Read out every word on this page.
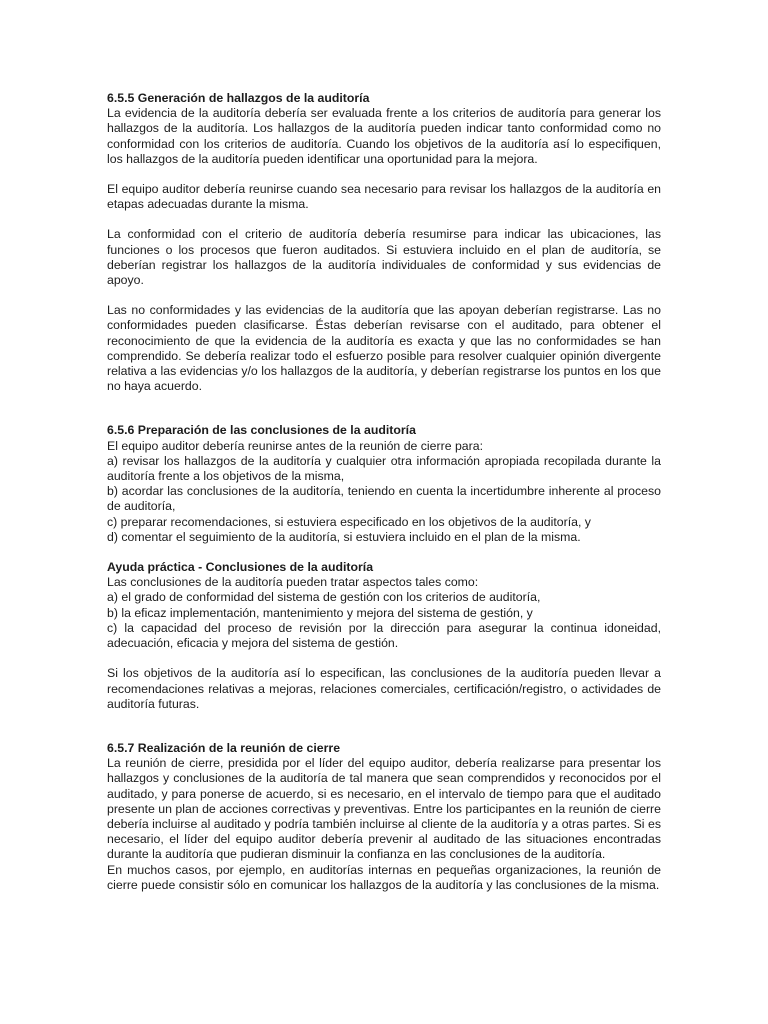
6.5.5 Generación de hallazgos de la auditoría

La evidencia de la auditoría debería ser evaluada frente a los criterios de auditoría para generar los hallazgos de la auditoría. Los hallazgos de la auditoría pueden indicar tanto conformidad como no conformidad con los criterios de auditoría. Cuando los objetivos de la auditoría así lo especifiquen, los hallazgos de la auditoría pueden identificar una oportunidad para la mejora.

El equipo auditor debería reunirse cuando sea necesario para revisar los hallazgos de la auditoría en etapas adecuadas durante la misma.

La conformidad con el criterio de auditoría debería resumirse para indicar las ubicaciones, las funciones o los procesos que fueron auditados. Si estuviera incluido en el plan de auditoría, se deberían registrar los hallazgos de la auditoría individuales de conformidad y sus evidencias de apoyo.

Las no conformidades y las evidencias de la auditoría que las apoyan deberían registrarse. Las no conformidades pueden clasificarse. Éstas deberían revisarse con el auditado, para obtener el reconocimiento de que la evidencia de la auditoría es exacta y que las no conformidades se han comprendido. Se debería realizar todo el esfuerzo posible para resolver cualquier opinión divergente relativa a las evidencias y/o los hallazgos de la auditoría, y deberían registrarse los puntos en los que no haya acuerdo.

6.5.6 Preparación de las conclusiones de la auditoría

El equipo auditor debería reunirse antes de la reunión de cierre para:

a) revisar los hallazgos de la auditoría y cualquier otra información apropiada recopilada durante la auditoría frente a los objetivos de la misma,

b) acordar las conclusiones de la auditoría, teniendo en cuenta la incertidumbre inherente al proceso de auditoría,

c) preparar recomendaciones, si estuviera especificado en los objetivos de la auditoría, y

d) comentar el seguimiento de la auditoría, si estuviera incluido en el plan de la misma.

Ayuda práctica - Conclusiones de la auditoría

Las conclusiones de la auditoría pueden tratar aspectos tales como:

a) el grado de conformidad del sistema de gestión con los criterios de auditoría,

b) la eficaz implementación, mantenimiento y mejora del sistema de gestión, y

c) la capacidad del proceso de revisión por la dirección para asegurar la continua idoneidad, adecuación, eficacia y mejora del sistema de gestión.

Si los objetivos de la auditoría así lo especifican, las conclusiones de la auditoría pueden llevar a recomendaciones relativas a mejoras, relaciones comerciales, certificación/registro, o actividades de auditoría futuras.

6.5.7 Realización de la reunión de cierre

La reunión de cierre, presidida por el líder del equipo auditor, debería realizarse para presentar los hallazgos y conclusiones de la auditoría de tal manera que sean comprendidos y reconocidos por el auditado, y para ponerse de acuerdo, si es necesario, en el intervalo de tiempo para que el auditado presente un plan de acciones correctivas y preventivas. Entre los participantes en la reunión de cierre debería incluirse al auditado y podría también incluirse al cliente de la auditoría y a otras partes. Si es necesario, el líder del equipo auditor debería prevenir al auditado de las situaciones encontradas durante la auditoría que pudieran disminuir la confianza en las conclusiones de la auditoría.

En muchos casos, por ejemplo, en auditorías internas en pequeñas organizaciones, la reunión de cierre puede consistir sólo en comunicar los hallazgos de la auditoría y las conclusiones de la misma.
